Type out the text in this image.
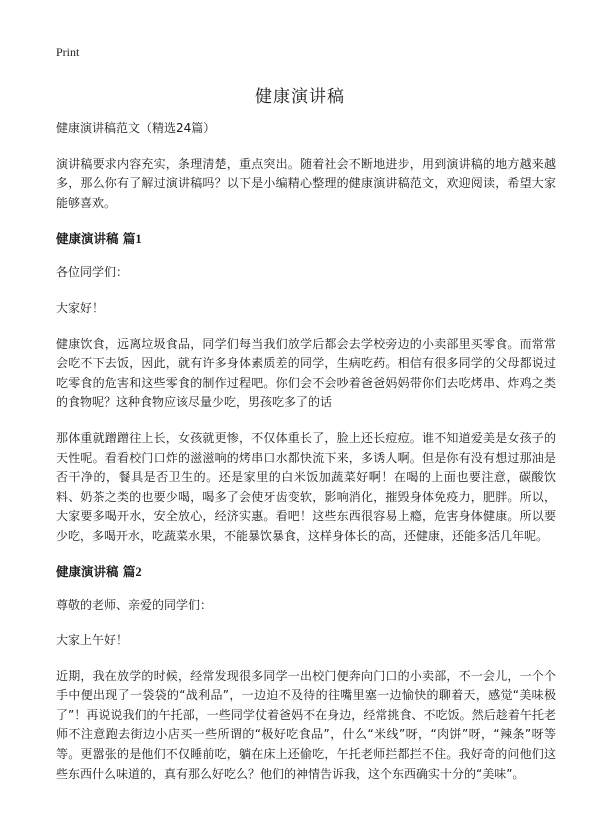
Print
健康演讲稿

健康演讲稿范文（精选24篇）

演讲稿要求内容充实，条理清楚，重点突出。随着社会不断地进步，用到演讲稿的地方越来越多，那么你有了解过演讲稿吗？以下是小编精心整理的健康演讲稿范文，欢迎阅读，希望大家能够喜欢。

健康演讲稿 篇1

各位同学们：

大家好！

健康饮食，远离垃圾食品，同学们每当我们放学后都会去学校旁边的小卖部里买零食。而常常会吃不下去饭，因此，就有许多身体素质差的同学，生病吃药。相信有很多同学的父母都说过吃零食的危害和这些零食的制作过程吧。你们会不会吵着爸爸妈妈带你们去吃烤串、炸鸡之类的食物呢？这种食物应该尽量少吃，男孩吃多了的话

那体重就蹭蹭往上长，女孩就更惨，不仅体重长了，脸上还长痘痘。谁不知道爱美是女孩子的天性呢。看看校门口炸的滋滋响的烤串口水都快流下来，多诱人啊。但是你有没有想过那油是否干净的，餐具是否卫生的。还是家里的白米饭加蔬菜好啊！在喝的上面也要注意，碳酸饮料、奶茶之类的也要少喝，喝多了会使牙齿变软，影响消化，摧毁身体免疫力，肥胖。所以，大家要多喝开水，安全放心，经济实惠。看吧！这些东西很容易上瘾，危害身体健康。所以要少吃，多喝开水，吃蔬菜水果，不能暴饮暴食，这样身体长的高，还健康，还能多活几年呢。

健康演讲稿 篇2

尊敬的老师、亲爱的同学们：

大家上午好！

近期，我在放学的时候，经常发现很多同学一出校门便奔向门口的小卖部，不一会儿，一个个手中便出现了一袋袋的“战利品”，一边迫不及待的往嘴里塞一边愉快的聊着天，感觉“美味极了”！再说说我们的午托部，一些同学仗着爸妈不在身边，经常挑食、不吃饭。然后趁着午托老师不注意跑去街边小店买一些所谓的“极好吃食品”，什么“米线”呀，“肉饼”呀，“辣条”呀等等。更嚣张的是他们不仅睡前吃，躺在床上还偷吃，午托老师拦都拦不住。我好奇的问他们这些东西什么味道的，真有那么好吃么？他们的神情告诉我，这个东西确实十分的“美味”。
